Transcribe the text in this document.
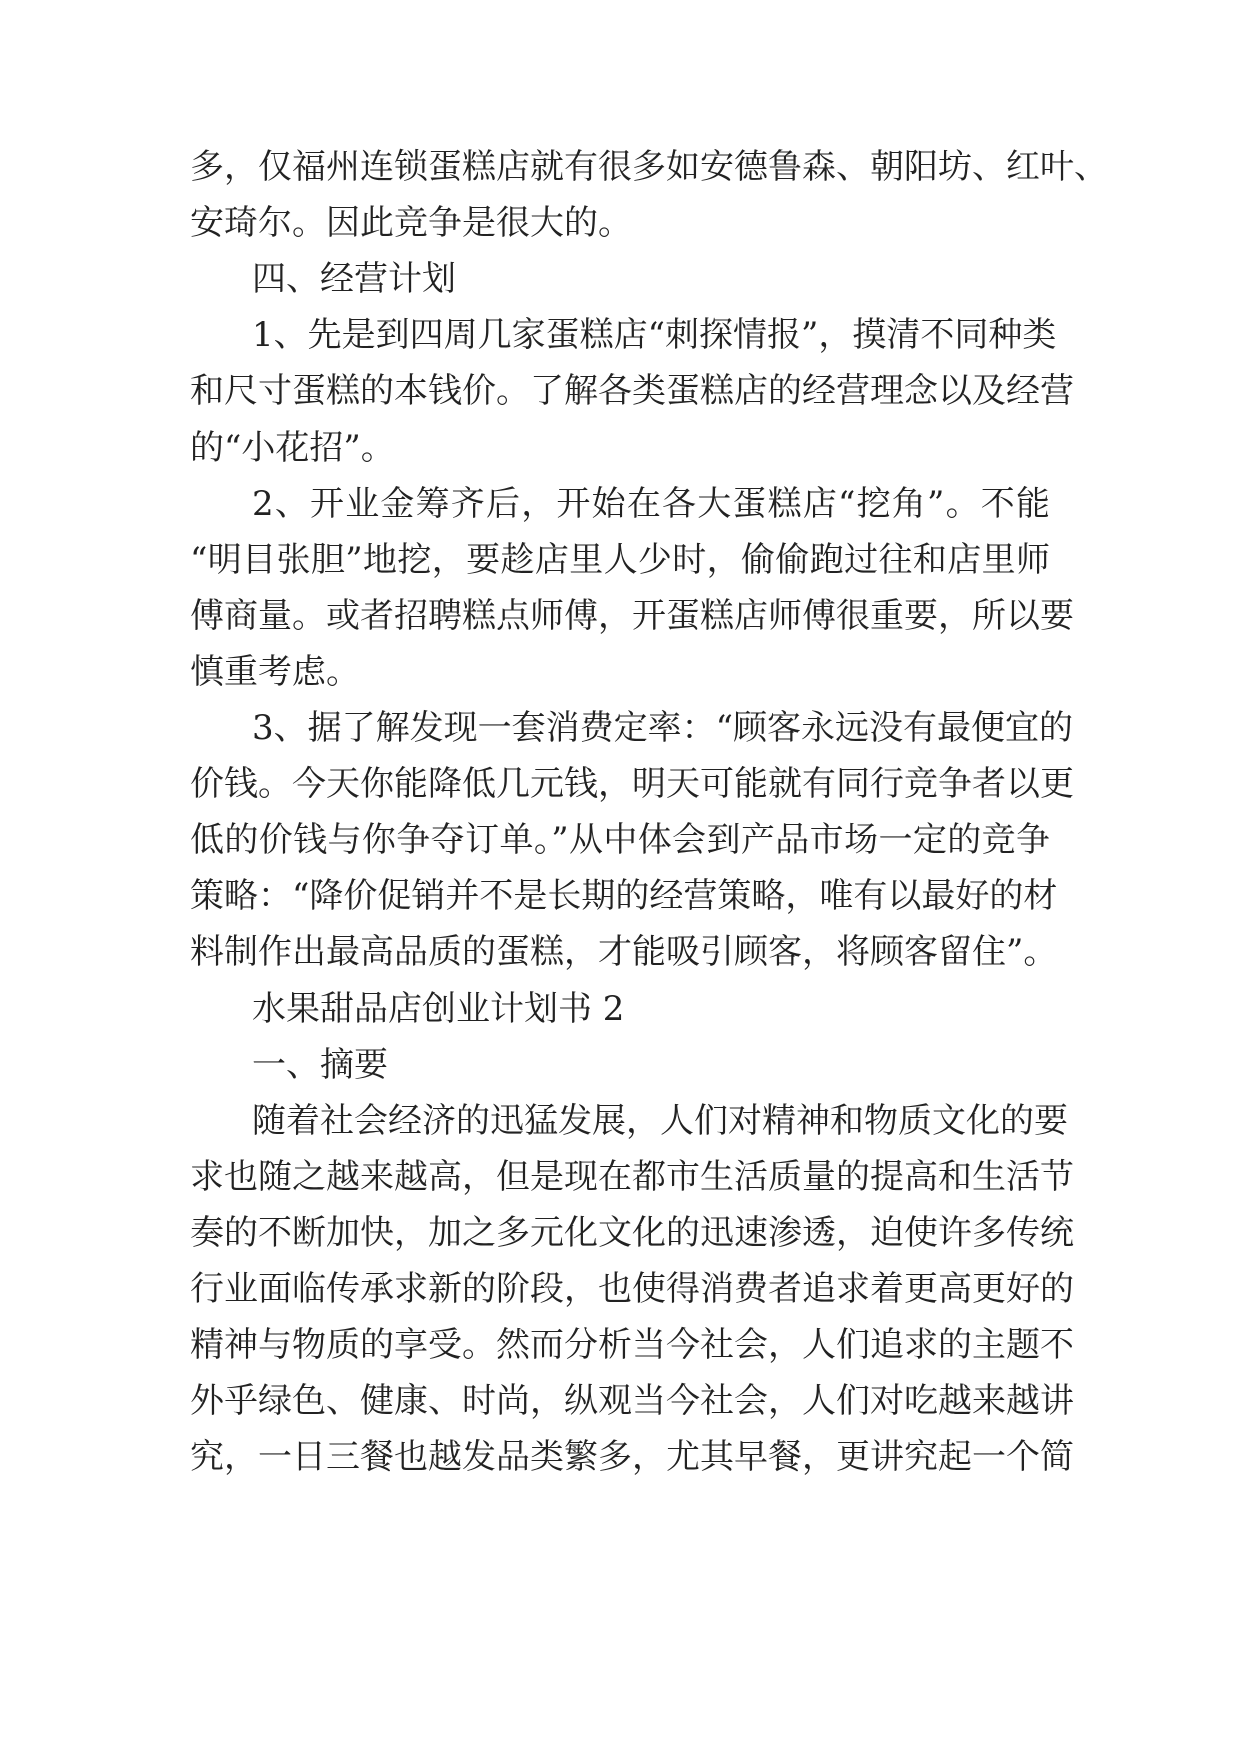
多，仅福州连锁蛋糕店就有很多如安德鲁森、朝阳坊、红叶、
安琦尔。因此竞争是很大的。
四、经营计划
1、先是到四周几家蛋糕店“刺探情报”，摸清不同种类
和尺寸蛋糕的本钱价。了解各类蛋糕店的经营理念以及经营
的“小花招”。
2、开业金筹齐后，开始在各大蛋糕店“挖角”。不能
“明目张胆”地挖，要趁店里人少时，偷偷跑过往和店里师
傅商量。或者招聘糕点师傅，开蛋糕店师傅很重要，所以要
慎重考虑。
3、据了解发现一套消费定率：“顾客永远没有最便宜的
价钱。今天你能降低几元钱，明天可能就有同行竞争者以更
低的价钱与你争夺订单。”从中体会到产品市场一定的竞争
策略：“降价促销并不是长期的经营策略，唯有以最好的材
料制作出最高品质的蛋糕，才能吸引顾客，将顾客留住”。
水果甜品店创业计划书 2
一、摘要
随着社会经济的迅猛发展，人们对精神和物质文化的要
求也随之越来越高，但是现在都市生活质量的提高和生活节
奏的不断加快，加之多元化文化的迅速渗透，迫使许多传统
行业面临传承求新的阶段，也使得消费者追求着更高更好的
精神与物质的享受。然而分析当今社会，人们追求的主题不
外乎绿色、健康、时尚，纵观当今社会，人们对吃越来越讲
究，一日三餐也越发品类繁多，尤其早餐，更讲究起一个简
